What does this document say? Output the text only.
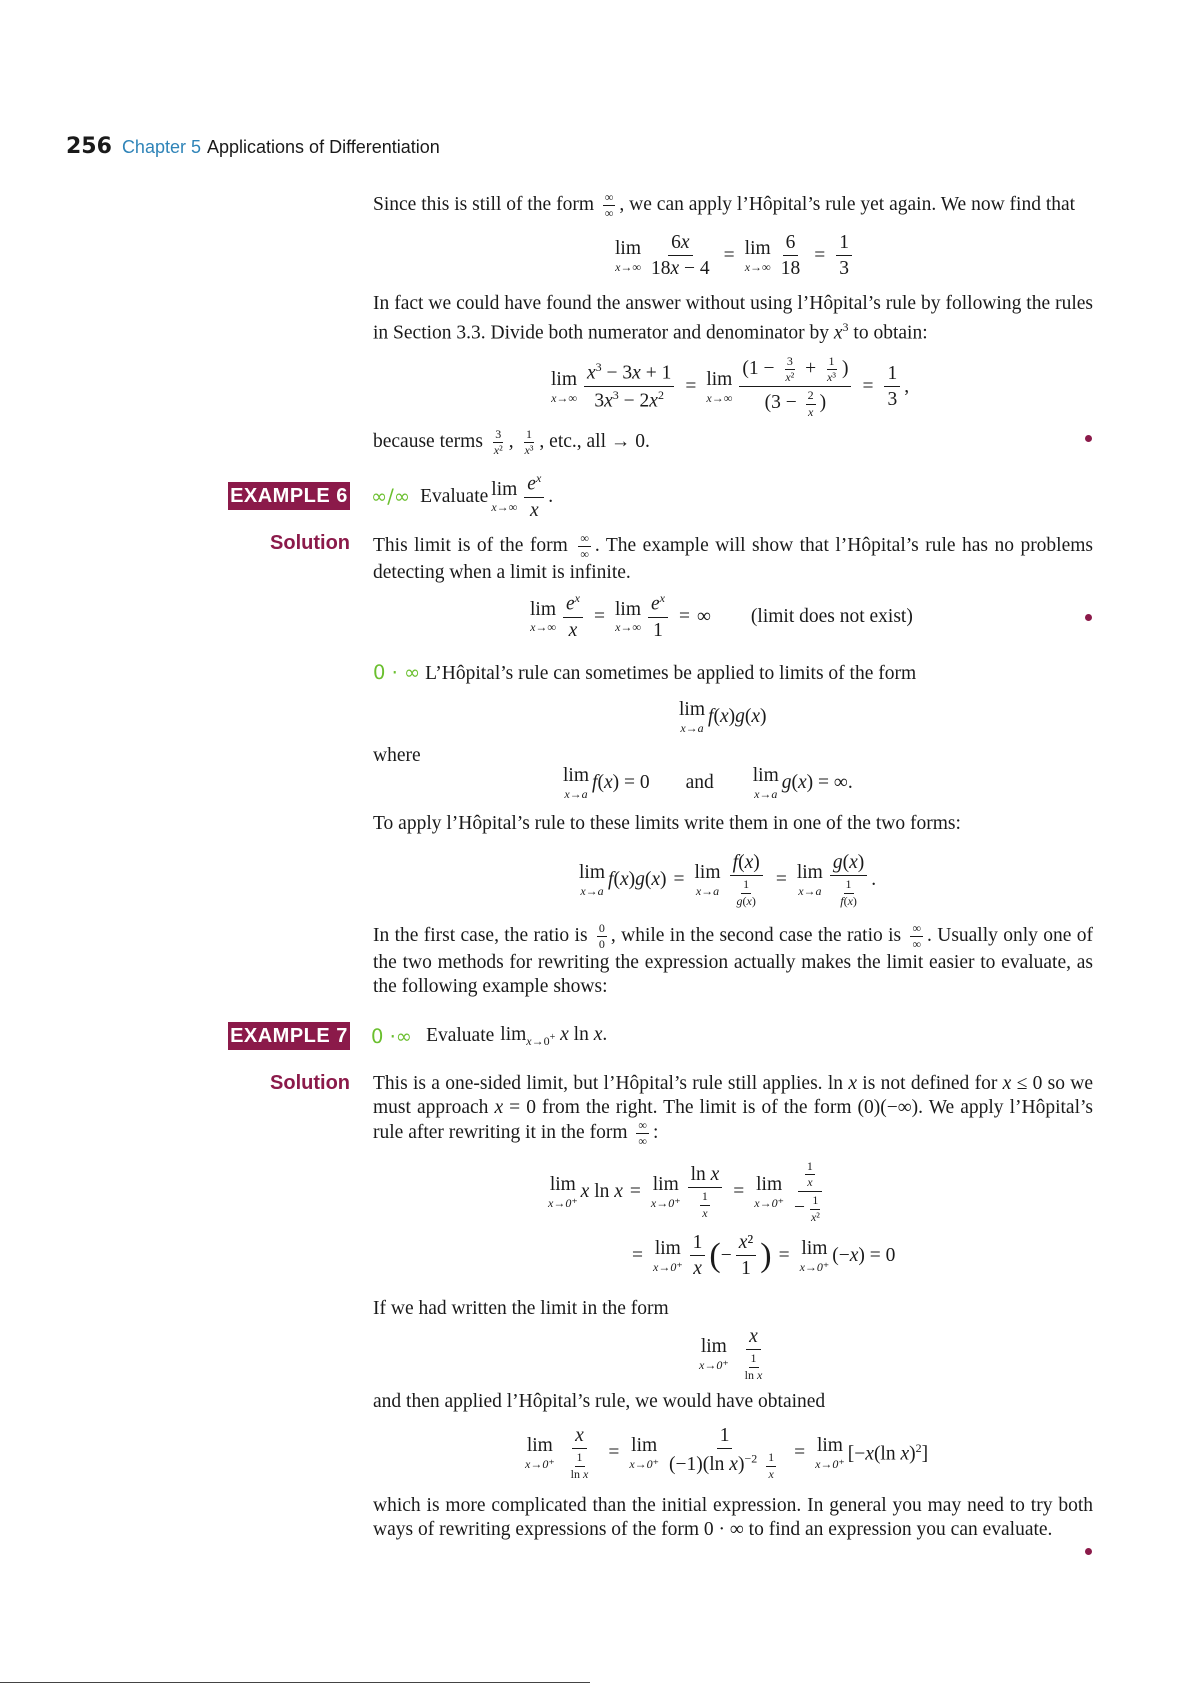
256 Chapter 5 Applications of Differentiation
Since this is still of the form $\frac{\infty}{\infty}$ , we can apply l’Hôpital’s rule yet again. We now find that
lim
$x\to\infty \frac{6x}{18x - 4} = \lim$
$x\to\infty \frac{6}{18} = \frac{1}{3}$
In fact we could have found the answer without using l’Hôpital’s rule by following the rules in Section 3.3. Divide both numerator and denominator by $x^3$ to obtain:
lim
$x\to\infty \frac{x^3 - 3x + 1}{3x^3 - 2x^2} = \lim$
$x\to\infty \frac{(1 - \frac{3}{\text{x²}} + \frac{1}{\text{x³}} )}{(3 - \frac{2}{x} )} = \frac{1}{3}$ ,
because terms $\frac{3}{\text{x²}}$ , $\frac{1}{\text{x³}}$ , etc., all → 0.
EXAMPLE 6 ∞/∞ Evaluate lim
$x\to\infty \frac{e^x}{x}$ .
Solution This limit is of the form $\frac{\infty}{\infty}$ . The example will show that l’Hôpital’s rule has no problems detecting when a limit is infinite.
lim
$x\to\infty \frac{e^x}{x} = \lim$
$x\to\infty \frac{e^x}{1}$ = ∞ (limit does not exist)
0 · ∞ L’Hôpital’s rule can sometimes be applied to limits of the form
lim
x→a
f(x)g(x)
where
lim
x→a
f(x) = 0 and lim
x→a
g(x) = ∞.
To apply l’Hôpital’s rule to these limits write them in one of the two forms:
lim
x→a
f(x)g(x) = lim
$x\to a \frac{f(x)}{\frac{1}{g(x)}} = \lim$
$x\to a \frac{g(x)}{\frac{1}{f(x)}}$ .
In the first case, the ratio is $\frac{0}{0}$ , while in the second case the ratio is $\frac{\infty}{\infty}$ . Usually only one of the two methods for rewriting the expression actually makes the limit easier to evaluate, as the following example shows:
EXAMPLE 7 0 ·∞ Evaluate $\lim_{x\to 0^+} x$ ln x.
Solution This is a one-sided limit, but l’Hôpital’s rule still applies. ln x is not defined for x ≤ 0 so we must approach x = 0 from the right. The limit is of the form (0)(−∞). We apply l’Hôpital’s rule after rewriting it in the form $\frac{\infty}{\infty}$ :
lim
x→0⁺
x ln x = lim
$x\to 0^+ \frac{\text{ln x}}{\frac{1}{x}} = \lim$
$x\to 0^+ \frac{\frac{1}{x}}{- \frac{1}{\text{x²}}}$
= lim
$x\to 0^+ \frac{1}{x}$ ( − $\frac{\text{x²}}{1}$ ) = lim
x→0⁺
(−x) = 0
If we had written the limit in the form
lim
$x\to 0^+ \frac{x}{\frac{1}{\text{ln x}}}$
and then applied l’Hôpital’s rule, we would have obtained
lim
$x\to 0^+ \frac{x}{\frac{1}{\text{ln x}}} = \lim$
$x\to 0^+ \frac{1}{(-1)(\ln x)^{-2} \frac{1}{x}} = \lim$
x→0⁺ [−x(ln x)$^2$]
which is more complicated than the initial expression. In general you may need to try both ways of rewriting expressions of the form 0 · ∞ to find an expression you can evaluate.
